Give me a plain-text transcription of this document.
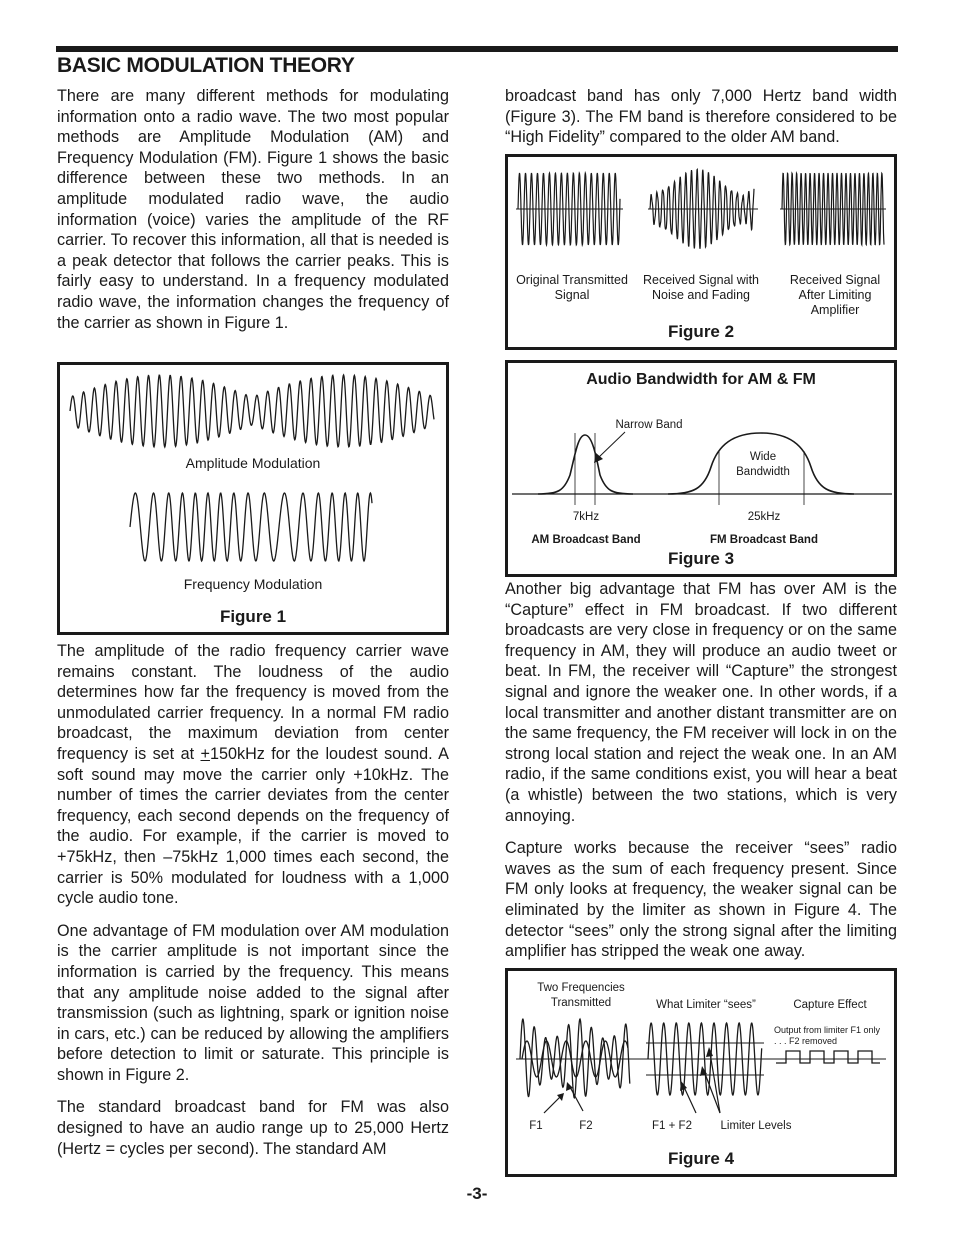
BASIC MODULATION THEORY

There are many different methods for modulating information onto a radio wave. The two most popular methods are Amplitude Modulation (AM) and Frequency Modulation (FM). Figure 1 shows the basic difference between these two methods. In an amplitude modulated radio wave, the audio information (voice) varies the amplitude of the RF carrier. To recover this information, all that is needed is a peak detector that follows the carrier peaks. This is fairly easy to understand. In a frequency modulated radio wave, the information changes the frequency of the carrier as shown in Figure 1.

Amplitude Modulation
Frequency Modulation
Figure 1

The amplitude of the radio frequency carrier wave remains constant. The loudness of the audio determines how far the frequency is moved from the unmodulated carrier frequency. In a normal FM radio broadcast, the maximum deviation from center frequency is set at +150kHz for the loudest sound. A soft sound may move the carrier only +10kHz. The number of times the carrier deviates from the center frequency, each second depends on the frequency of the audio. For example, if the carrier is moved to +75kHz, then –75kHz 1,000 times each second, the carrier is 50% modulated for loudness with a 1,000 cycle audio tone.

One advantage of FM modulation over AM modulation is the carrier amplitude is not important since the information is carried by the frequency. This means that any amplitude noise added to the signal after transmission (such as lightning, spark or ignition noise in cars, etc.) can be reduced by allowing the amplifiers before detection to limit or saturate. This principle is shown in Figure 2.

The standard broadcast band for FM was also designed to have an audio range up to 25,000 Hertz (Hertz = cycles per second). The standard AM

broadcast band has only 7,000 Hertz band width (Figure 3). The FM band is therefore considered to be “High Fidelity” compared to the older AM band.

Original Transmitted Signal
Received Signal with Noise and Fading
Received Signal After Limiting Amplifier
Figure 2
Audio Bandwidth for AM & FM
Narrow Band
Wide Bandwidth
7kHz	25kHz
AM Broadcast Band	FM Broadcast Band
Figure 3

Another big advantage that FM has over AM is the “Capture” effect in FM broadcast. If two different broadcasts are very close in frequency or on the same frequency in AM, they will produce an audio tweet or beat. In FM, the receiver will “Capture” the strongest signal and ignore the weaker one. In other words, if a local transmitter and another distant transmitter are on the same frequency, the FM receiver will lock in on the strong local station and reject the weak one. In an AM radio, if the same conditions exist, you will hear a beat (a whistle) between the two stations, which is very annoying.

Capture works because the receiver “sees” radio waves as the sum of each frequency present. Since FM only looks at frequency, the weaker signal can be eliminated by the limiter as shown in Figure 4. The detector “sees” only the strong signal after the limiting amplifier has stripped the weak one away.

Two Frequencies Transmitted	What Limiter “sees”	Capture Effect
Output from limiter F1 only . . . F2 removed
F1	F2	F1 + F2	Limiter Levels
Figure 4
-3-
